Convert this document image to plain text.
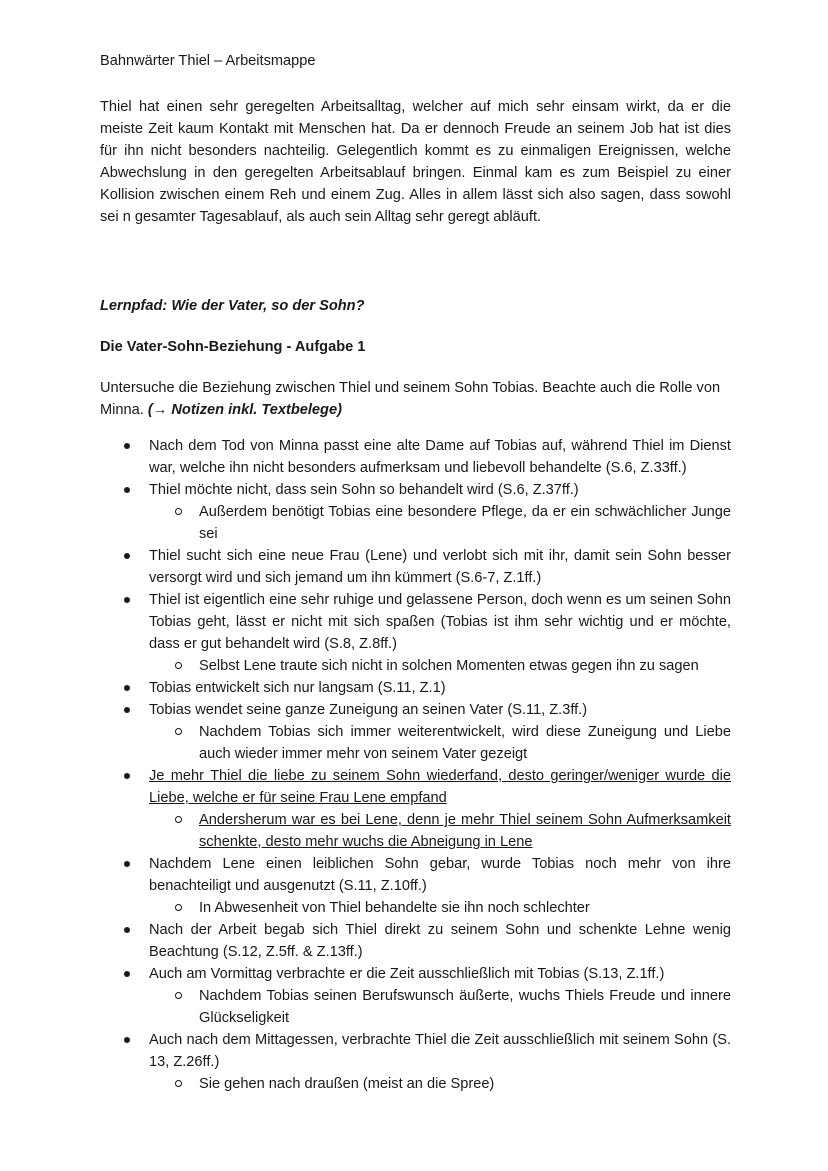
Bahnwärter Thiel – Arbeitsmappe
Thiel hat einen sehr geregelten Arbeitsalltag, welcher auf mich sehr einsam wirkt, da er die
meiste Zeit kaum Kontakt mit Menschen hat. Da er dennoch Freude an seinem Job hat ist dies
für ihn nicht besonders nachteilig. Gelegentlich kommt es zu einmaligen Ereignissen, welche
Abwechslung in den geregelten Arbeitsablauf bringen. Einmal kam es zum Beispiel zu einer
Kollision zwischen einem Reh und einem Zug. Alles in allem lässt sich also sagen, dass sowohl
sei n gesamter Tagesablauf, als auch sein Alltag sehr geregt abläuft.
Lernpfad: Wie der Vater, so der Sohn?
Die Vater-Sohn-Beziehung - Aufgabe 1
Untersuche die Beziehung zwischen Thiel und seinem Sohn Tobias. Beachte auch die Rolle von Minna. (→ Notizen inkl. Textbelege)
Nach dem Tod von Minna passt eine alte Dame auf Tobias auf, während Thiel im Dienst war, welche ihn nicht besonders aufmerksam und liebevoll behandelte (S.6, Z.33ff.)
Thiel möchte nicht, dass sein Sohn so behandelt wird (S.6, Z.37ff.)
Außerdem benötigt Tobias eine besondere Pflege, da er ein schwächlicher Junge sei
Thiel sucht sich eine neue Frau (Lene) und verlobt sich mit ihr, damit sein Sohn besser versorgt wird und sich jemand um ihn kümmert (S.6-7, Z.1ff.)
Thiel ist eigentlich eine sehr ruhige und gelassene Person, doch wenn es um seinen Sohn Tobias geht, lässt er nicht mit sich spaßen (Tobias ist ihm sehr wichtig und er möchte, dass er gut behandelt wird (S.8, Z.8ff.)
Selbst Lene traute sich nicht in solchen Momenten etwas gegen ihn zu sagen
Tobias entwickelt sich nur langsam (S.11, Z.1)
Tobias wendet seine ganze Zuneigung an seinen Vater (S.11, Z.3ff.)
Nachdem Tobias sich immer weiterentwickelt, wird diese Zuneigung und Liebe auch wieder immer mehr von seinem Vater gezeigt
Je mehr Thiel die liebe zu seinem Sohn wiederfand, desto geringer/weniger wurde die Liebe, welche er für seine Frau Lene empfand
Andersherum war es bei Lene, denn je mehr Thiel seinem Sohn Aufmerksamkeit schenkte, desto mehr wuchs die Abneigung in Lene
Nachdem Lene einen leiblichen Sohn gebar, wurde Tobias noch mehr von ihre benachteiligt und ausgenutzt (S.11, Z.10ff.)
In Abwesenheit von Thiel behandelte sie ihn noch schlechter
Nach der Arbeit begab sich Thiel direkt zu seinem Sohn und schenkte Lehne wenig Beachtung (S.12, Z.5ff. & Z.13ff.)
Auch am Vormittag verbrachte er die Zeit ausschließlich mit Tobias (S.13, Z.1ff.)
Nachdem Tobias seinen Berufswunsch äußerte, wuchs Thiels Freude und innere Glückseligkeit
Auch nach dem Mittagessen, verbrachte Thiel die Zeit ausschließlich mit seinem Sohn (S. 13, Z.26ff.)
Sie gehen nach draußen (meist an die Spree)
